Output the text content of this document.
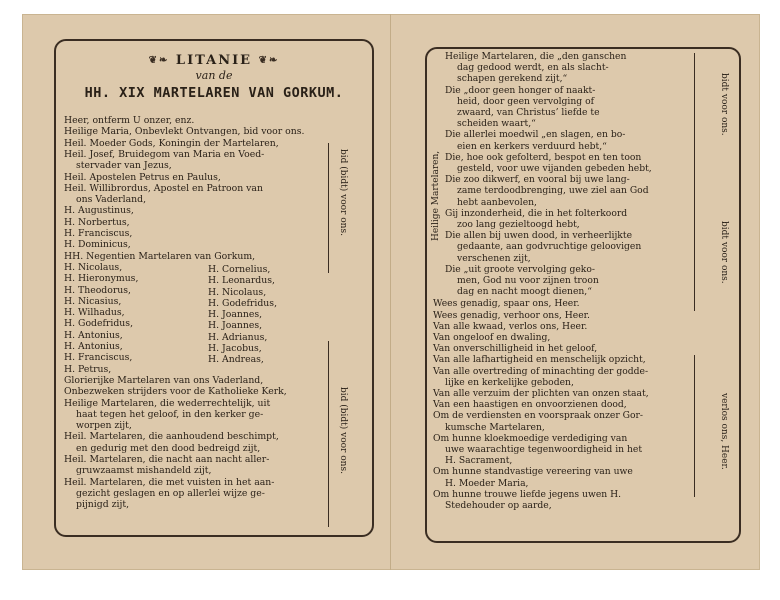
❦❧ LITANIE ❦❧
van de
HH. XIX MARTELAREN VAN GORKUM.
Heer, ontferm U onzer, enz.
Heilige Maria, Onbevlekt Ontvangen, bid voor ons.
Heil. Moeder Gods, Koningin der Martelaren,
Heil. Josef, Bruidegom van Maria en Voed-
stervader van Jezus,
Heil. Apostelen Petrus en Paulus,
Heil. Willibrordus, Apostel en Patroon van
ons Vaderland,
H. Augustinus,
H. Norbertus,
H. Franciscus,
H. Dominicus,
HH. Negentien Martelaren van Gorkum,
H. Nicolaus,
H. Hieronymus,
H. Theodorus,
H. Nicasius,
H. Wilhadus,
H. Godefridus,
H. Antonius,
H. Antonius,
H. Franciscus,
H. Petrus,
H. Cornelius,
H. Leonardus,
H. Nicolaus,
H. Godefridus,
H. Joannes,
H. Joannes,
H. Adrianus,
H. Jacobus,
H. Andreas,
Glorierijke Martelaren van ons Vaderland,
Onbezweken strijders voor de Katholieke Kerk,
Heilige Martelaren, die wederrechtelijk, uit
haat tegen het geloof, in den kerker ge-
worpen zijt,
Heil. Martelaren, die aanhoudend beschimpt,
en gedurig met den dood bedreigd zijt,
Heil. Martelaren, die nacht aan nacht aller-
gruwzaamst mishandeld zijt,
Heil. Martelaren, die met vuisten in het aan-
gezicht geslagen en op allerlei wijze ge-
pijnigd zijt,
bid (bidt) voor ons.
bid (bidt) voor ons.
Heilige Martelaren, die „den ganschen
dag gedood werdt, en als slacht-
schapen gerekend zijt,“
Die „door geen honger of naakt-
heid, door geen vervolging of
zwaard, van Christus’ liefde te
scheiden waart,“
Die allerlei moedwil „en slagen, en bo-
eien en kerkers verduurd hebt,“
Die, hoe ook gefolterd, bespot en ten toon
gesteld, voor uwe vijanden gebeden hebt,
Die zoo dikwerf, en vooral bij uwe lang-
zame terdoodbrenging, uwe ziel aan God
hebt aanbevolen,
Gij inzonderheid, die in het folterkoord
zoo lang gezieltoogd hebt,
Die allen bij uwen dood, in verheerlijkte
gedaante, aan godvruchtige geloovigen
verschenen zijt,
Die „uit groote vervolging geko-
men, God nu voor zijnen troon
dag en nacht moogt dienen,“
Wees genadig, spaar ons, Heer.
Wees genadig, verhoor ons, Heer.
Van alle kwaad, verlos ons, Heer.
Van ongeloof en dwaling,
Van onverschilligheid in het geloof,
Van alle lafhartigheid en menschelijk opzicht,
Van alle overtreding of minachting der godde-
lijke en kerkelijke geboden,
Van alle verzuim der plichten van onzen staat,
Van een haastigen en onvoorzienen dood,
Om de verdiensten en voorspraak onzer Gor-
kumsche Martelaren,
Om hunne kloekmoedige verdediging van
uwe waarachtige tegenwoordigheid in het
H. Sacrament,
Om hunne standvastige vereering van uwe
H. Moeder Maria,
Om hunne trouwe liefde jegens uwen H.
Stedehouder op aarde,
Heilige Martelaren,
bidt voor ons.
bidt voor ons.
verlos ons, Heer.
